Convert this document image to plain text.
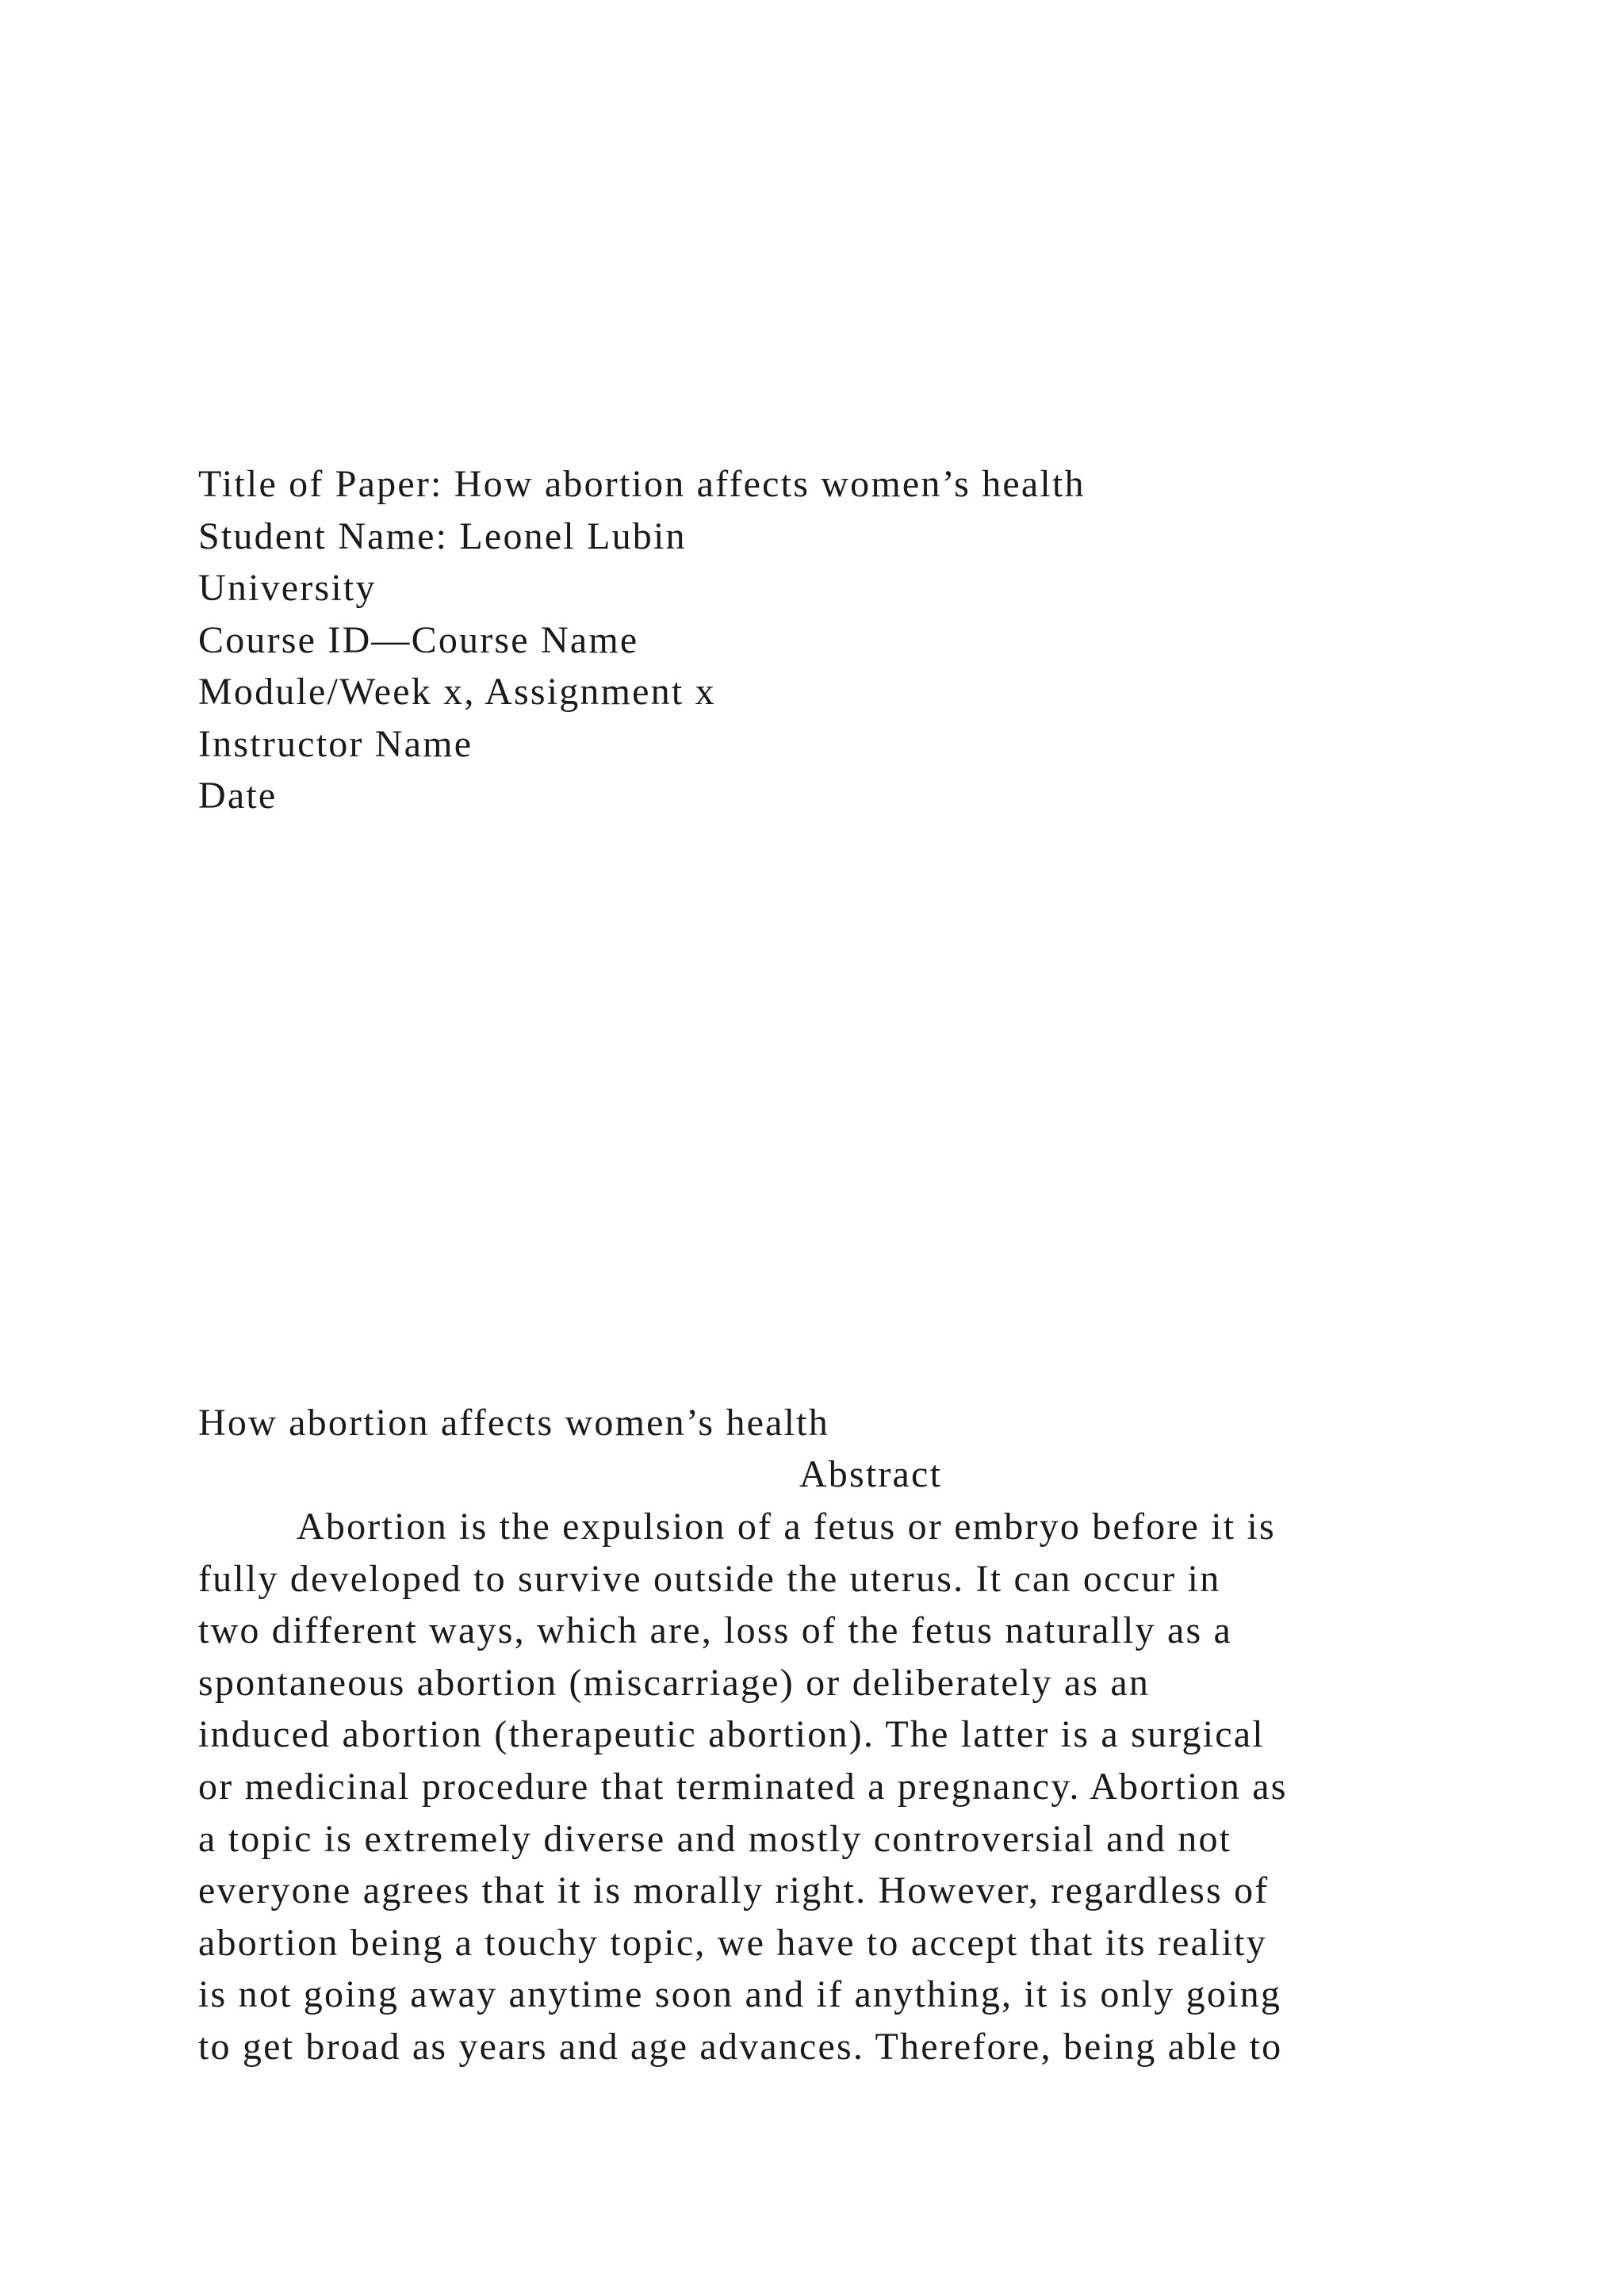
Title of Paper: How abortion affects women’s health
Student Name: Leonel Lubin
University
Course ID—Course Name
Module/Week x, Assignment x
Instructor Name
Date
How abortion affects women’s health
Abstract
Abortion is the expulsion of a fetus or embryo before it is
fully developed to survive outside the uterus. It can occur in
two different ways, which are, loss of the fetus naturally as a
spontaneous abortion (miscarriage) or deliberately as an
induced abortion (therapeutic abortion). The latter is a surgical
or medicinal procedure that terminated a pregnancy. Abortion as
a topic is extremely diverse and mostly controversial and not
everyone agrees that it is morally right. However, regardless of
abortion being a touchy topic, we have to accept that its reality
is not going away anytime soon and if anything, it is only going
to get broad as years and age advances. Therefore, being able to
